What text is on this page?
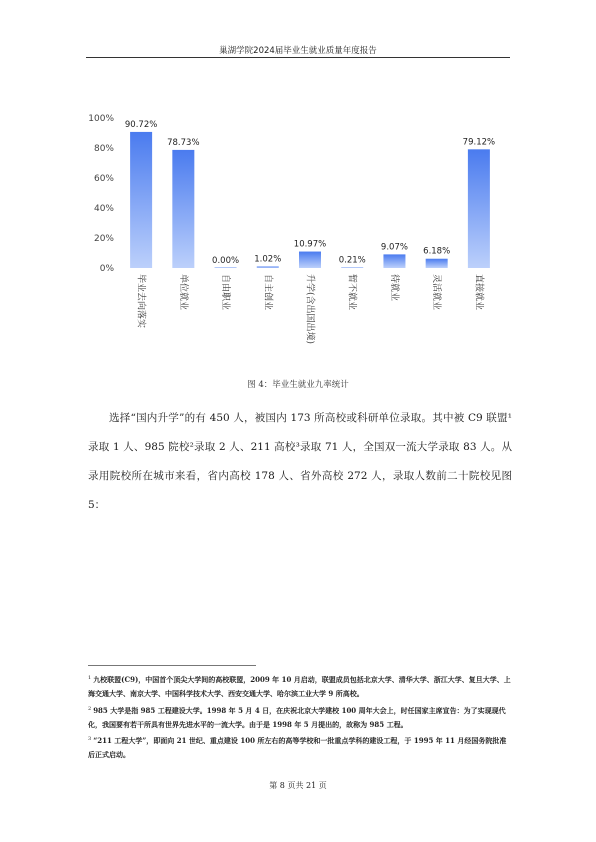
巢湖学院2024届毕业生就业质量年度报告
0%
20%
40%
60%
80%
100%
90.72%
78.73%
0.00% 1.02%
10.97%
0.21%
9.07% 6.18%
79.12%
毕业去向落实	单位就业	自由职业	自主创业	升学(含出国出境)	暂不就业	待就业	灵活就业	直接就业
图 4：毕业生就业九率统计

选择“国内升学”的有 450 人，被国内 173 所高校或科研单位录取。其中被 C9 联盟¹录取 1 人、985 院校²录取 2 人、211 高校³录取 71 人，全国双一流大学录取 83 人。从录用院校所在城市来看，省内高校 178 人、省外高校 272 人，录取人数前二十院校见图 5：

$^1$ 九校联盟(C9)，中国首个顶尖大学间的高校联盟，2009 年 10 月启动，联盟成员包括北京大学、清华大学、浙江大学、复旦大学、上海交通大学、南京大学、中国科学技术大学、西安交通大学、哈尔滨工业大学 9 所高校。
$^2$ 985 大学是指 985 工程建设大学。1998 年 5 月 4 日，在庆祝北京大学建校 100 周年大会上，时任国家主席宣告：为了实现现代化，我国要有若干所具有世界先进水平的一流大学。由于是 1998 年 5 月提出的，故称为 985 工程。
$^3$ “211 工程大学”，即面向 21 世纪、重点建设 100 所左右的高等学校和一批重点学科的建设工程，于 1995 年 11 月经国务院批准后正式启动。
第 8 页共 21 页
